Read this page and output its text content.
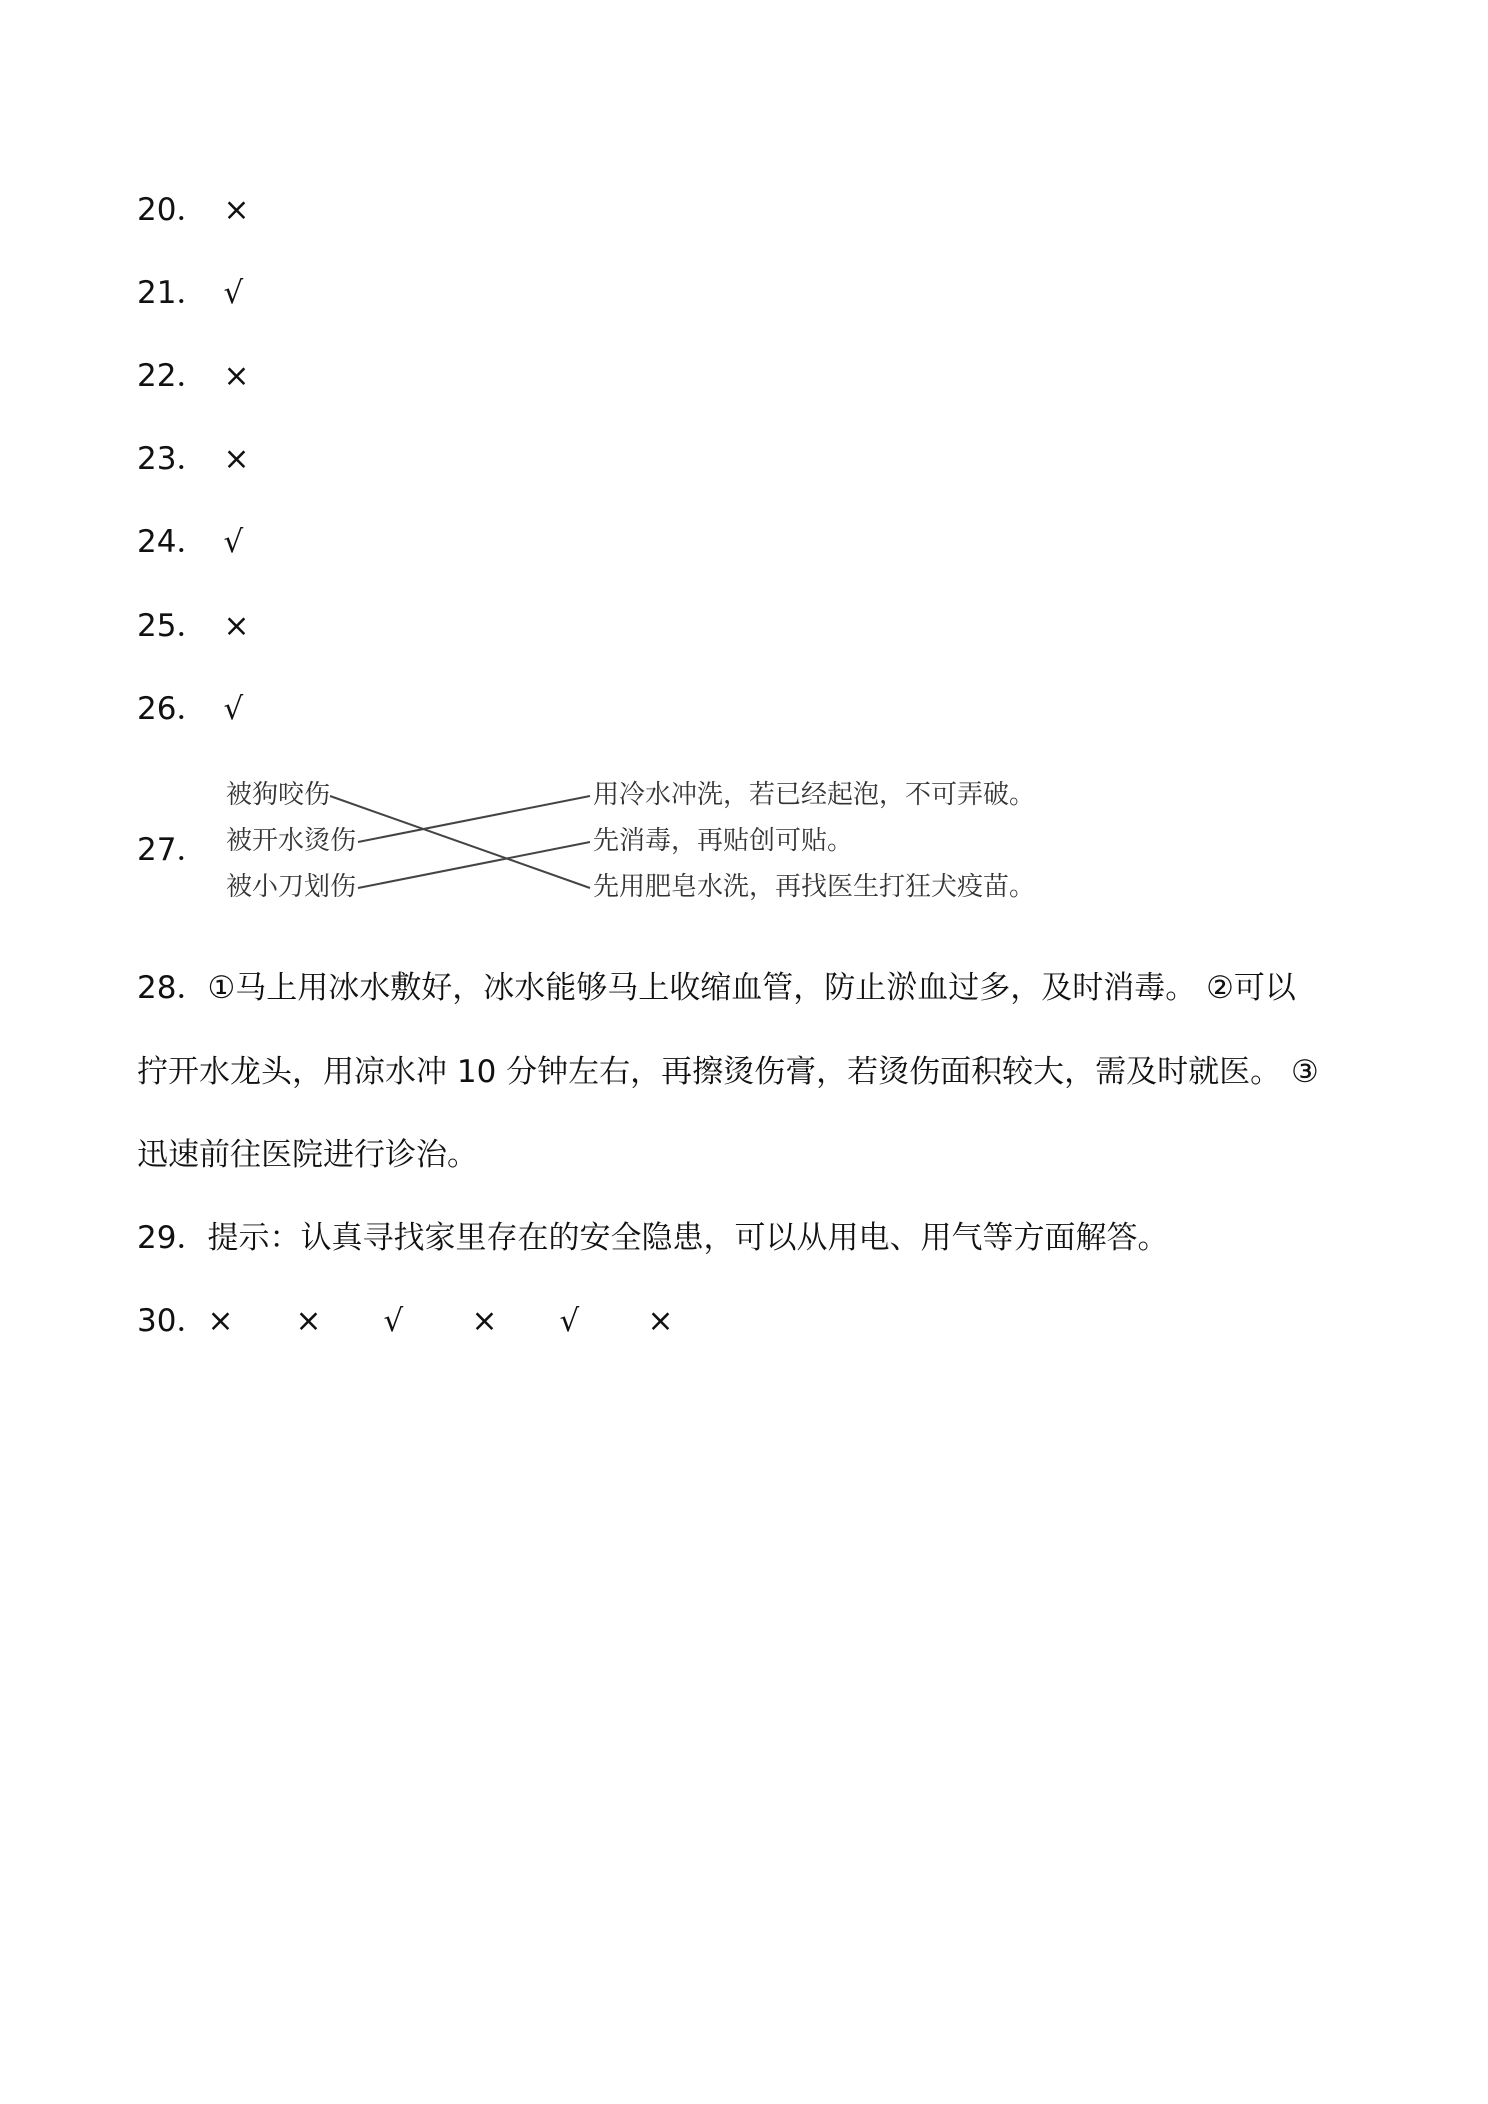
20． ×
21． √
22． ×
23． ×
24． √
25． ×
26． √
27．
被狗咬伤
被开水烫伤
被小刀划伤
用冷水冲洗，若已经起泡，不可弄破。
先消毒，再贴创可贴。
先用肥皂水洗，再找医生打狂犬疫苗。
28．①马上用冰水敷好，冰水能够马上收缩血管，防止淤血过多，及时消毒。 ②可以
拧开水龙头，用凉水冲 10 分钟左右，再擦烫伤膏，若烫伤面积较大，需及时就医。 ③
迅速前往医院进行诊治。
29．提示：认真寻找家里存在的安全隐患，可以从用电、用气等方面解答。
30．× × √ × √ ×
